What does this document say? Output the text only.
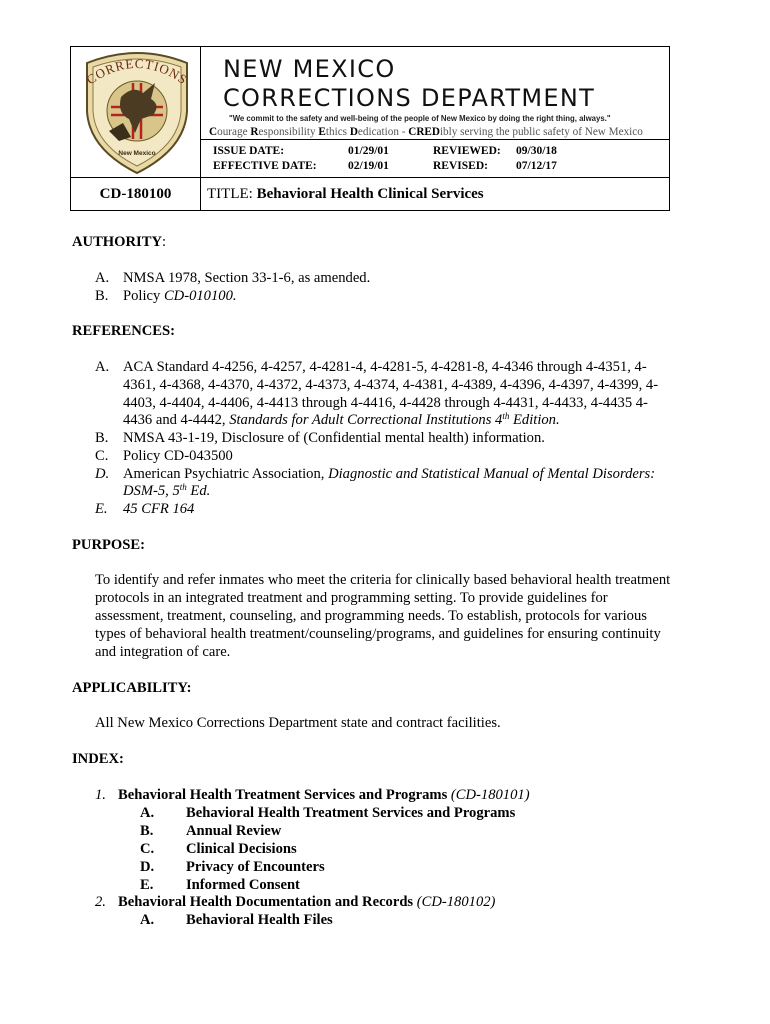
CORRECTIONS
New Mexico
NEW MEXICO
CORRECTIONS DEPARTMENT
"We commit to the safety and well-being of the people of New Mexico by doing the right thing, always."
Courage Responsibility Ethics Dedication - CREDibly serving the public safety of New Mexico
ISSUE DATE:	01/29/01	REVIEWED: 09/30/18
EFFECTIVE DATE:	02/19/01	REVISED: 07/12/17
CD-180100	TITLE: Behavioral Health Clinical Services
AUTHORITY:
A. NMSA 1978, Section 33-1-6, as amended.
B. Policy CD-010100.
REFERENCES:
A. ACA Standard 4-4256, 4-4257, 4-4281-4, 4-4281-5, 4-4281-8, 4-4346 through 4-4351, 4-
4361, 4-4368, 4-4370, 4-4372, 4-4373, 4-4374, 4-4381, 4-4389, 4-4396, 4-4397, 4-4399, 4-
4403, 4-4404, 4-4406, 4-4413 through 4-4416, 4-4428 through 4-4431, 4-4433, 4-4435 4-
4436 and 4-4442, Standards for Adult Correctional Institutions 4th Edition.
B. NMSA 43-1-19, Disclosure of (Confidential mental health) information.
C. Policy CD-043500
D. American Psychiatric Association, Diagnostic and Statistical Manual of Mental Disorders:
DSM-5, 5th Ed.
E. 45 CFR 164
PURPOSE:

To identify and refer inmates who meet the criteria for clinically based behavioral health treatment

protocols in an integrated treatment and programming setting. To provide guidelines for

assessment, treatment, counseling, and programming needs. To establish, protocols for various

types of behavioral health treatment/counseling/programs, and guidelines for ensuring continuity

and integration of care.

APPLICABILITY:
All New Mexico Corrections Department state and contract facilities.
INDEX:
1. Behavioral Health Treatment Services and Programs (CD-180101)
A. Behavioral Health Treatment Services and Programs
B. Annual Review
C. Clinical Decisions
D. Privacy of Encounters
E. Informed Consent
2. Behavioral Health Documentation and Records (CD-180102)
A. Behavioral Health Files
